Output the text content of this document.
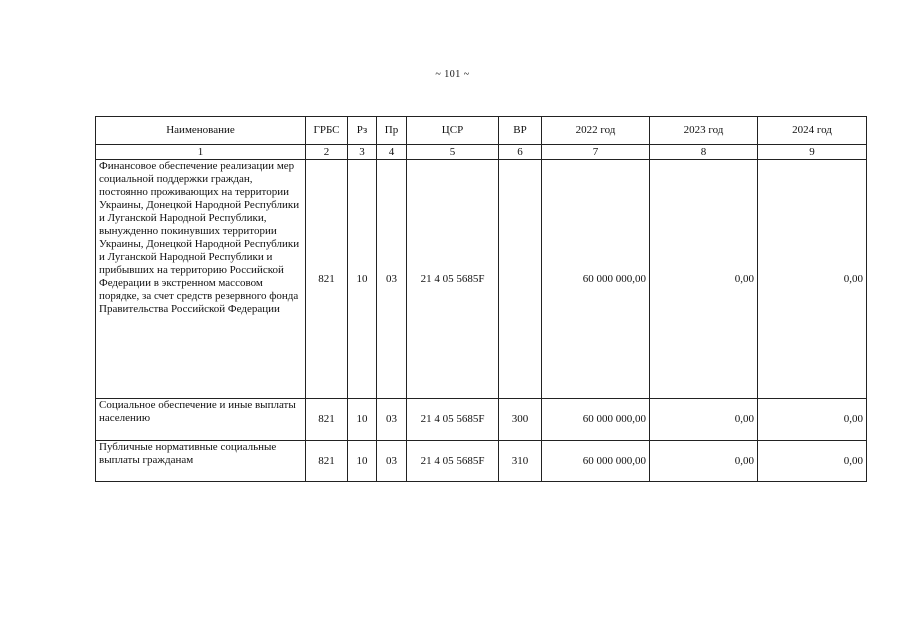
~ 101 ~
Наименование	ГРБС	Рз	Пр	ЦСР	ВР	2022 год	2023 год	2024 год
1	2	3	4	5	6	7	8	9
Финансовое обеспечение реализации мер социальной поддержки граждан, постоянно проживающих на территории Украины, Донецкой Народной Республики и Луганской Народной Республики, вынужденно покинувших территории Украины, Донецкой Народной Республики и Луганской Народной Республики и прибывших на территорию Российской Федерации в экстренном массовом порядке, за счет средств резервного фонда Правительства Российской Федерации	821	10	03	21 4 05 5685F		60 000 000,00	0,00	0,00
Социальное обеспечение и иные выплаты населению	821	10	03	21 4 05 5685F	300	60 000 000,00	0,00	0,00
Публичные нормативные социальные выплаты гражданам	821	10	03	21 4 05 5685F	310	60 000 000,00	0,00	0,00
